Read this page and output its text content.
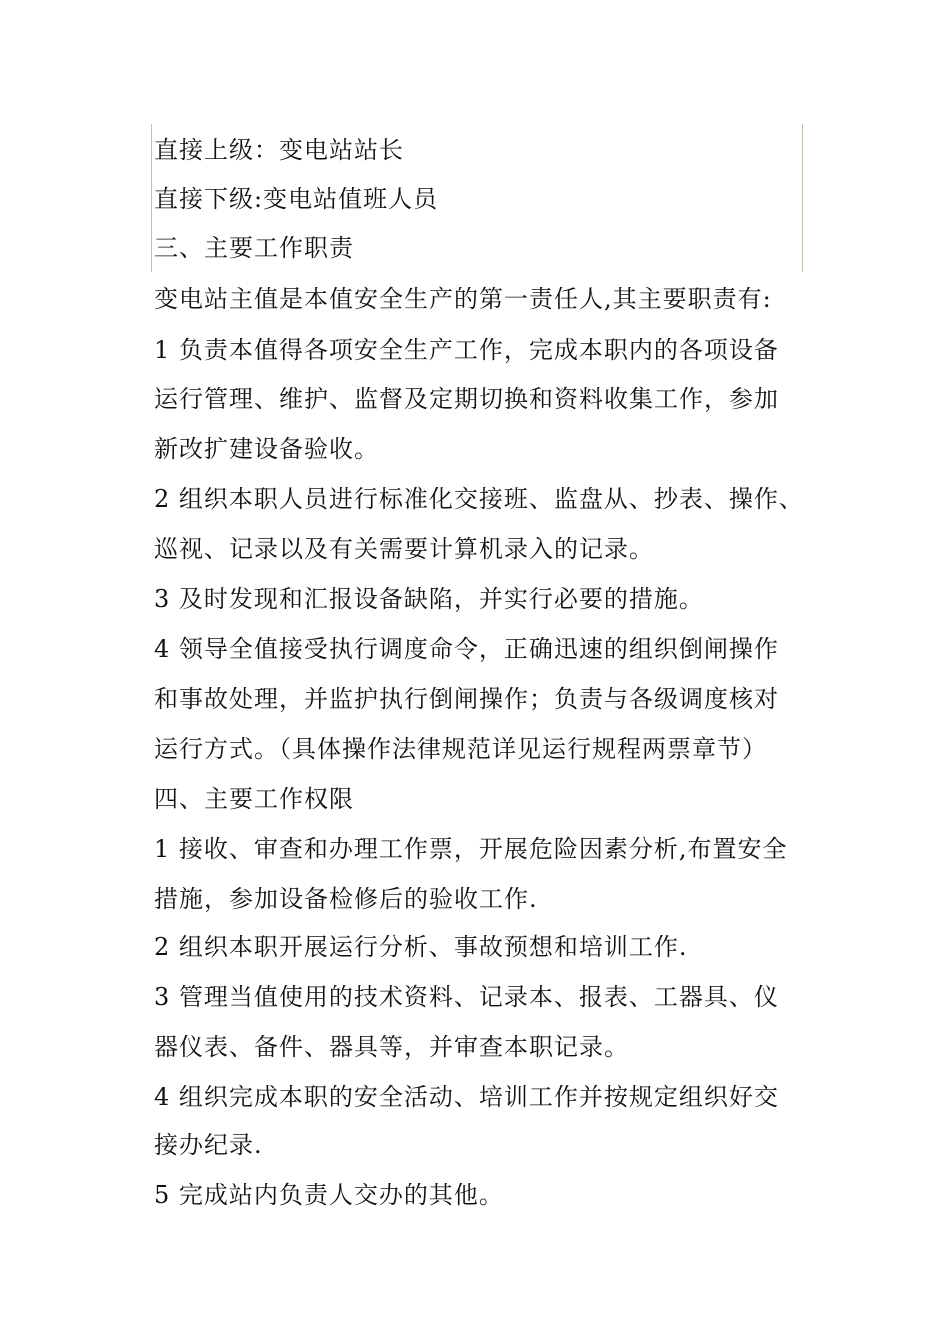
直接上级：变电站站长
直接下级:变电站值班人员
三、主要工作职责
变电站主值是本值安全生产的第一责任人,其主要职责有:
1 负责本值得各项安全生产工作，完成本职内的各项设备
运行管理、维护、监督及定期切换和资料收集工作，参加
新改扩建设备验收。
2 组织本职人员进行标准化交接班、监盘从、抄表、操作、
巡视、记录以及有关需要计算机录入的记录。
3 及时发现和汇报设备缺陷，并实行必要的措施。
4 领导全值接受执行调度命令，正确迅速的组织倒闸操作
和事故处理，并监护执行倒闸操作；负责与各级调度核对
运行方式。（具体操作法律规范详见运行规程两票章节）
四、主要工作权限
1 接收、审查和办理工作票，开展危险因素分析,布置安全
措施，参加设备检修后的验收工作.
2 组织本职开展运行分析、事故预想和培训工作.
3 管理当值使用的技术资料、记录本、报表、工器具、仪
器仪表、备件、器具等，并审查本职记录。
4 组织完成本职的安全活动、培训工作并按规定组织好交
接办纪录.
5 完成站内负责人交办的其他。
